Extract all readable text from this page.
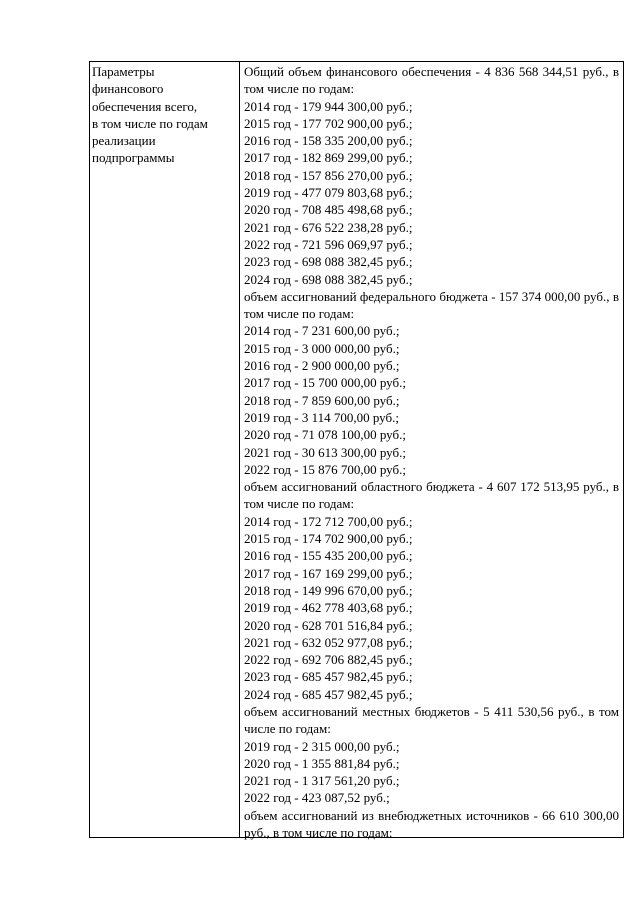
Параметры
финансового
обеспечения всего,
в том числе по годам
реализации
подпрограммы
Общий объем финансового обеспечения - 4 836 568 344,51 руб., в том числе по годам:
2014 год - 179 944 300,00 руб.;
2015 год - 177 702 900,00 руб.;
2016 год - 158 335 200,00 руб.;
2017 год - 182 869 299,00 руб.;
2018 год - 157 856 270,00 руб.;
2019 год - 477 079 803,68 руб.;
2020 год - 708 485 498,68 руб.;
2021 год - 676 522 238,28 руб.;
2022 год - 721 596 069,97 руб.;
2023 год - 698 088 382,45 руб.;
2024 год - 698 088 382,45 руб.;
объем ассигнований федерального бюджета - 157 374 000,00 руб., в том числе по годам:
2014 год - 7 231 600,00 руб.;
2015 год - 3 000 000,00 руб.;
2016 год - 2 900 000,00 руб.;
2017 год - 15 700 000,00 руб.;
2018 год - 7 859 600,00 руб.;
2019 год - 3 114 700,00 руб.;
2020 год - 71 078 100,00 руб.;
2021 год - 30 613 300,00 руб.;
2022 год - 15 876 700,00 руб.;
объем ассигнований областного бюджета - 4 607 172 513,95 руб., в том числе по годам:
2014 год - 172 712 700,00 руб.;
2015 год - 174 702 900,00 руб.;
2016 год - 155 435 200,00 руб.;
2017 год - 167 169 299,00 руб.;
2018 год - 149 996 670,00 руб.;
2019 год - 462 778 403,68 руб.;
2020 год - 628 701 516,84 руб.;
2021 год - 632 052 977,08 руб.;
2022 год - 692 706 882,45 руб.;
2023 год - 685 457 982,45 руб.;
2024 год - 685 457 982,45 руб.;
объем ассигнований местных бюджетов - 5 411 530,56 руб., в том числе по годам:
2019 год - 2 315 000,00 руб.;
2020 год - 1 355 881,84 руб.;
2021 год - 1 317 561,20 руб.;
2022 год - 423 087,52 руб.;
объем ассигнований из внебюджетных источников - 66 610 300,00 руб., в том числе по годам:
